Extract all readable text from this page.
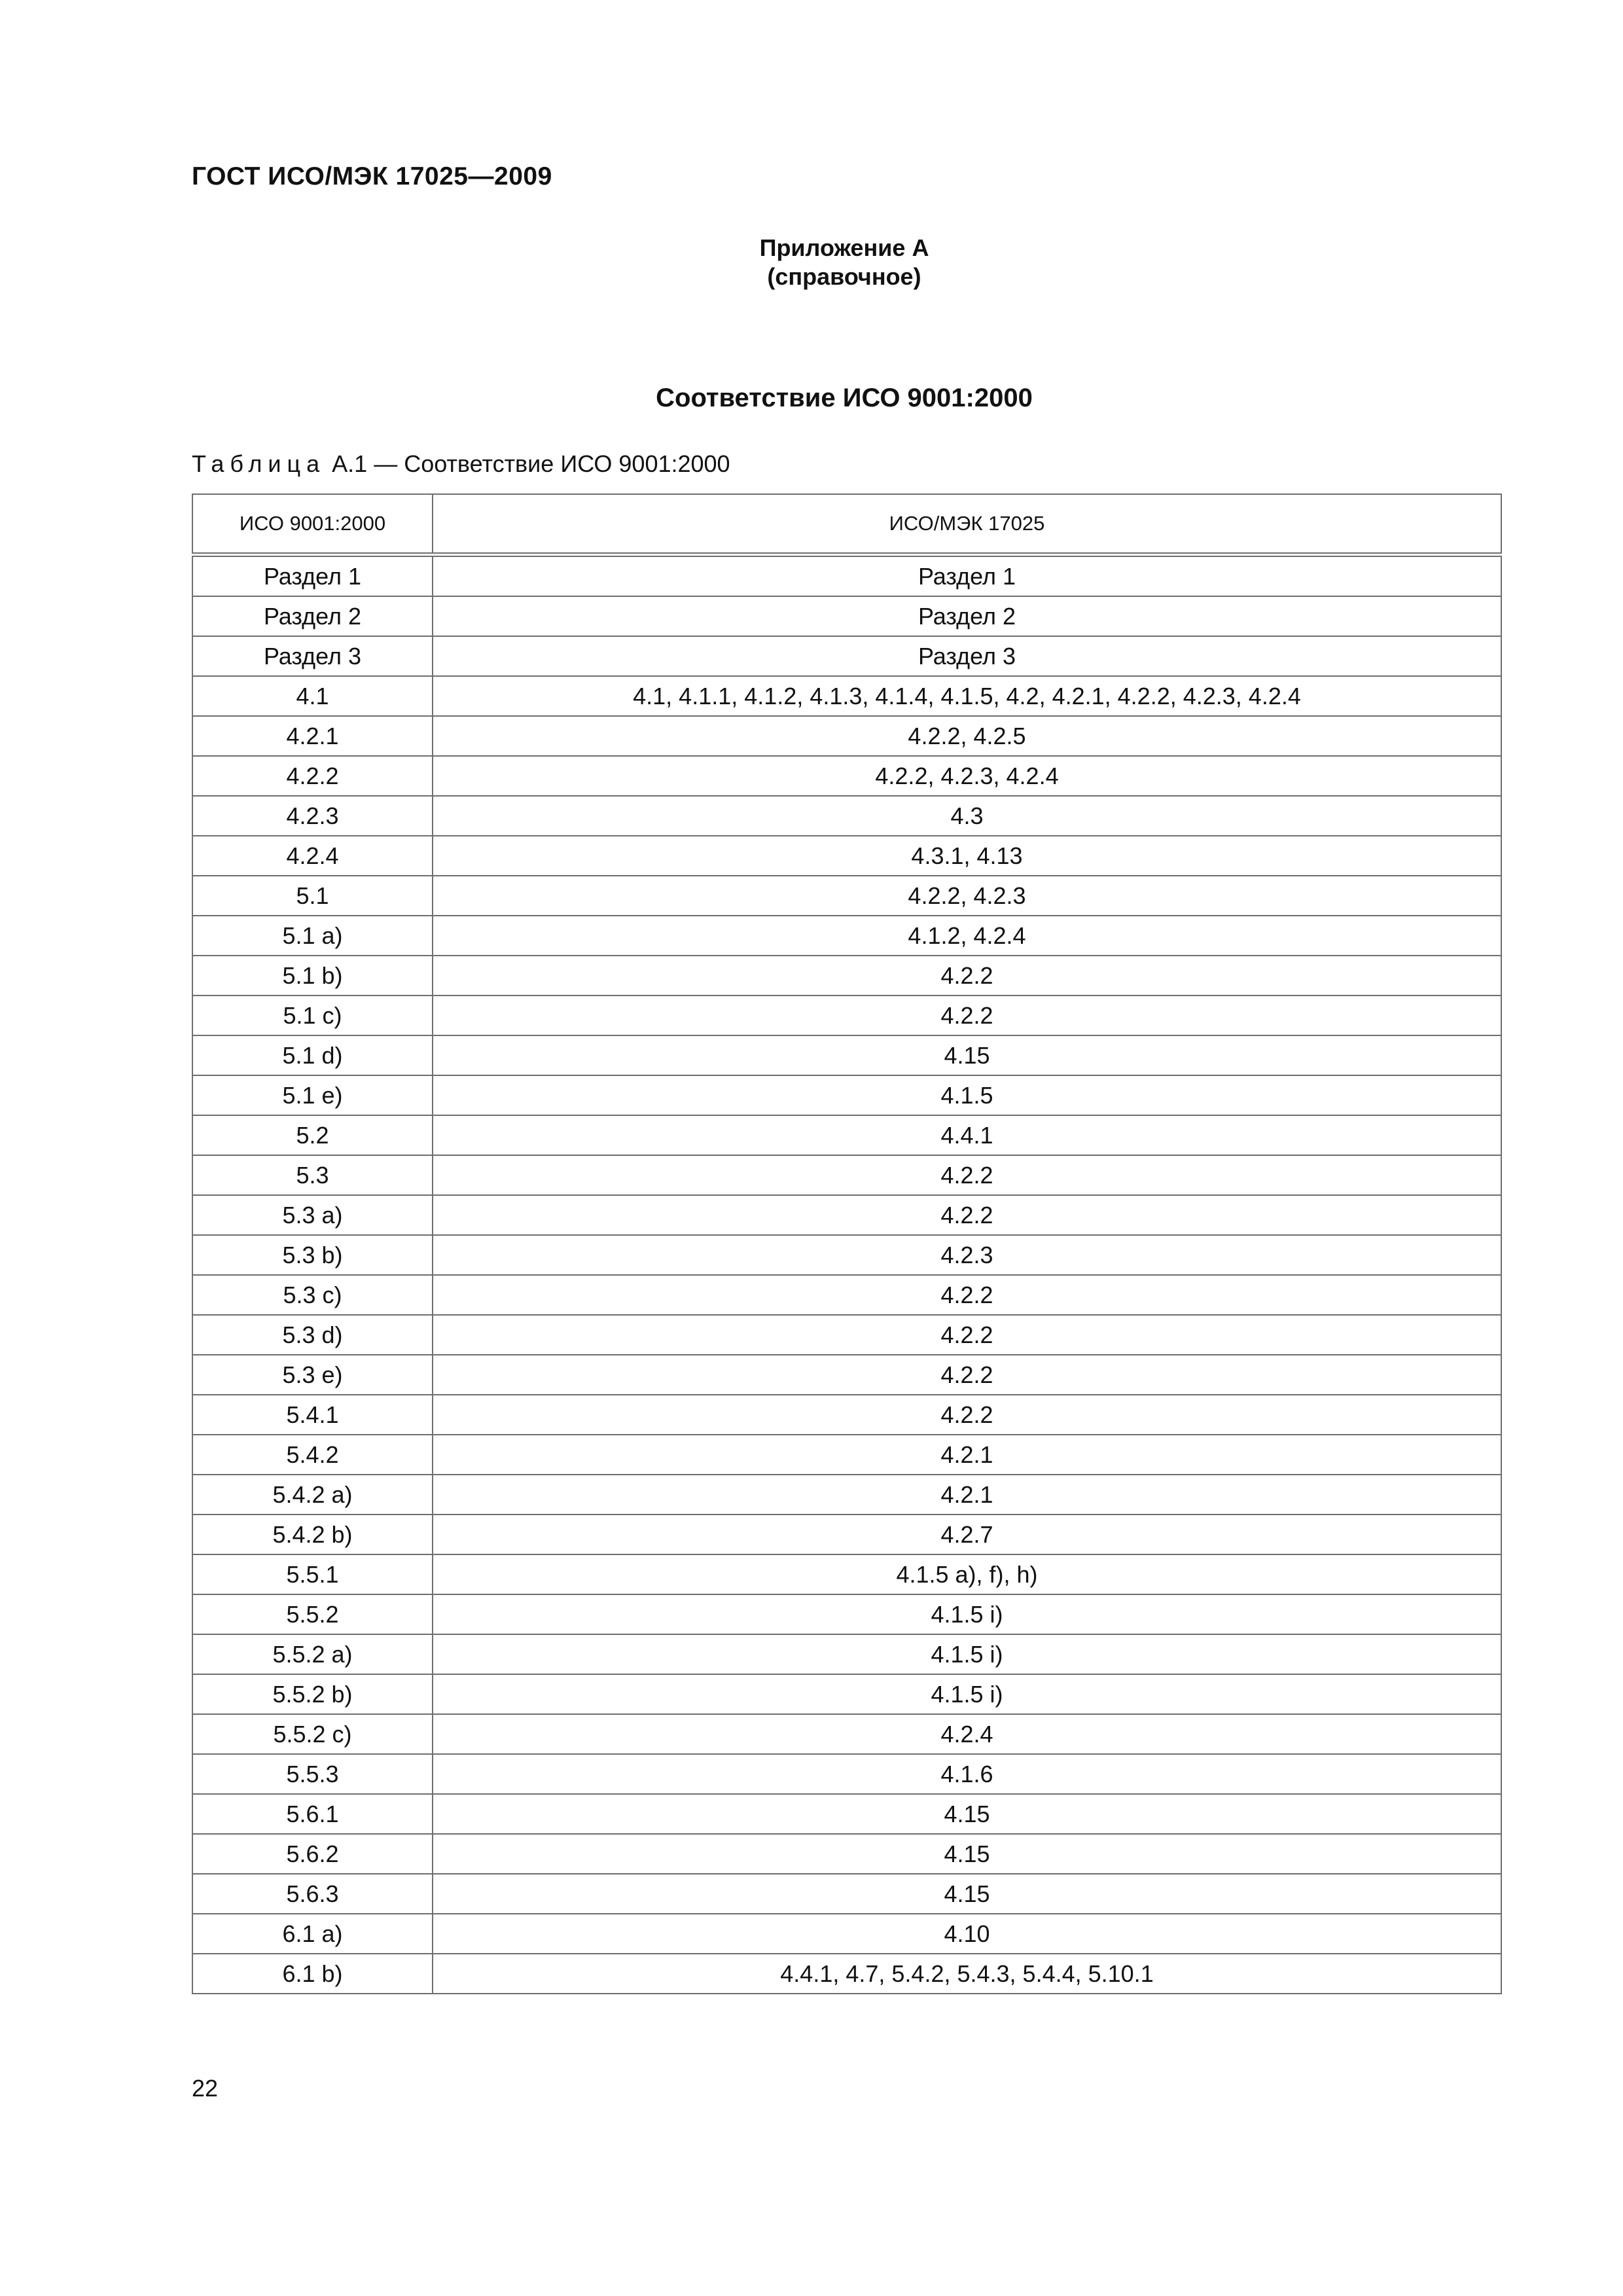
ГОСТ ИСО/МЭК 17025—2009
Приложение А
(справочное)
Соответствие ИСО 9001:2000
Таблица А.1 — Соответствие ИСО 9001:2000
ИСО 9001:2000	ИСО/МЭК 17025
Раздел 1	Раздел 1
Раздел 2	Раздел 2
Раздел 3	Раздел 3
4.1	4.1, 4.1.1, 4.1.2, 4.1.3, 4.1.4, 4.1.5, 4.2, 4.2.1, 4.2.2, 4.2.3, 4.2.4
4.2.1	4.2.2, 4.2.5
4.2.2	4.2.2, 4.2.3, 4.2.4
4.2.3	4.3
4.2.4	4.3.1, 4.13
5.1	4.2.2, 4.2.3
5.1 a)	4.1.2, 4.2.4
5.1 b)	4.2.2
5.1 c)	4.2.2
5.1 d)	4.15
5.1 e)	4.1.5
5.2	4.4.1
5.3	4.2.2
5.3 a)	4.2.2
5.3 b)	4.2.3
5.3 c)	4.2.2
5.3 d)	4.2.2
5.3 e)	4.2.2
5.4.1	4.2.2
5.4.2	4.2.1
5.4.2 a)	4.2.1
5.4.2 b)	4.2.7
5.5.1	4.1.5 a), f), h)
5.5.2	4.1.5 i)
5.5.2 a)	4.1.5 i)
5.5.2 b)	4.1.5 i)
5.5.2 c)	4.2.4
5.5.3	4.1.6
5.6.1	4.15
5.6.2	4.15
5.6.3	4.15
6.1 a)	4.10
6.1 b)	4.4.1, 4.7, 5.4.2, 5.4.3, 5.4.4, 5.10.1
22
